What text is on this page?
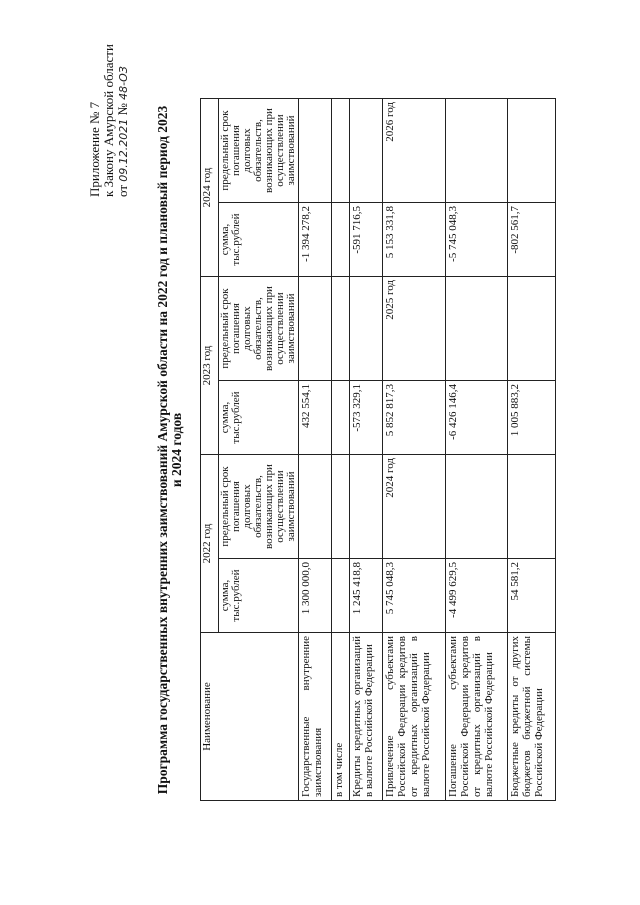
Приложение № 7 к Закону Амурской области от 09.12.2021 № 48-ОЗ
Программа государственных внутренних заимствований Амурской области на 2022 год и плановый период 2023 и 2024 годов
Наименование	2022 год		2023 год		2024 год	
	сумма, тыс.рублей	предельный срок погашения долговых обязательств, возникающих при осуществлении заимствований	сумма, тыс.рублей	предельный срок погашения долговых обязательств, возникающих при осуществлении заимствований	сумма, тыс.рублей	предельный срок погашения долговых обязательств, возникающих при осуществлении заимствований
Государственные внутренние заимствования	1 300 000,0		432 554,1		-1 394 278,2	
в том числе						
Кредиты кредитных организаций в валюте Российской Федерации	1 245 418,8		-573 329,1		-591 716,5	
Привлечение субъектами Российской Федерации кредитов от кредитных организаций в валюте Российской Федерации	5 745 048,3	2024 год	5 852 817,3	2025 год	5 153 331,8	2026 год
Погашение субъектами Российской Федерации кредитов от кредитных организаций в валюте Российской Федерации	-4 499 629,5		-6 426 146,4		-5 745 048,3	
Бюджетные кредиты от других бюджетов бюджетной системы Российской Федерации	54 581,2		1 005 883,2		-802 561,7	
